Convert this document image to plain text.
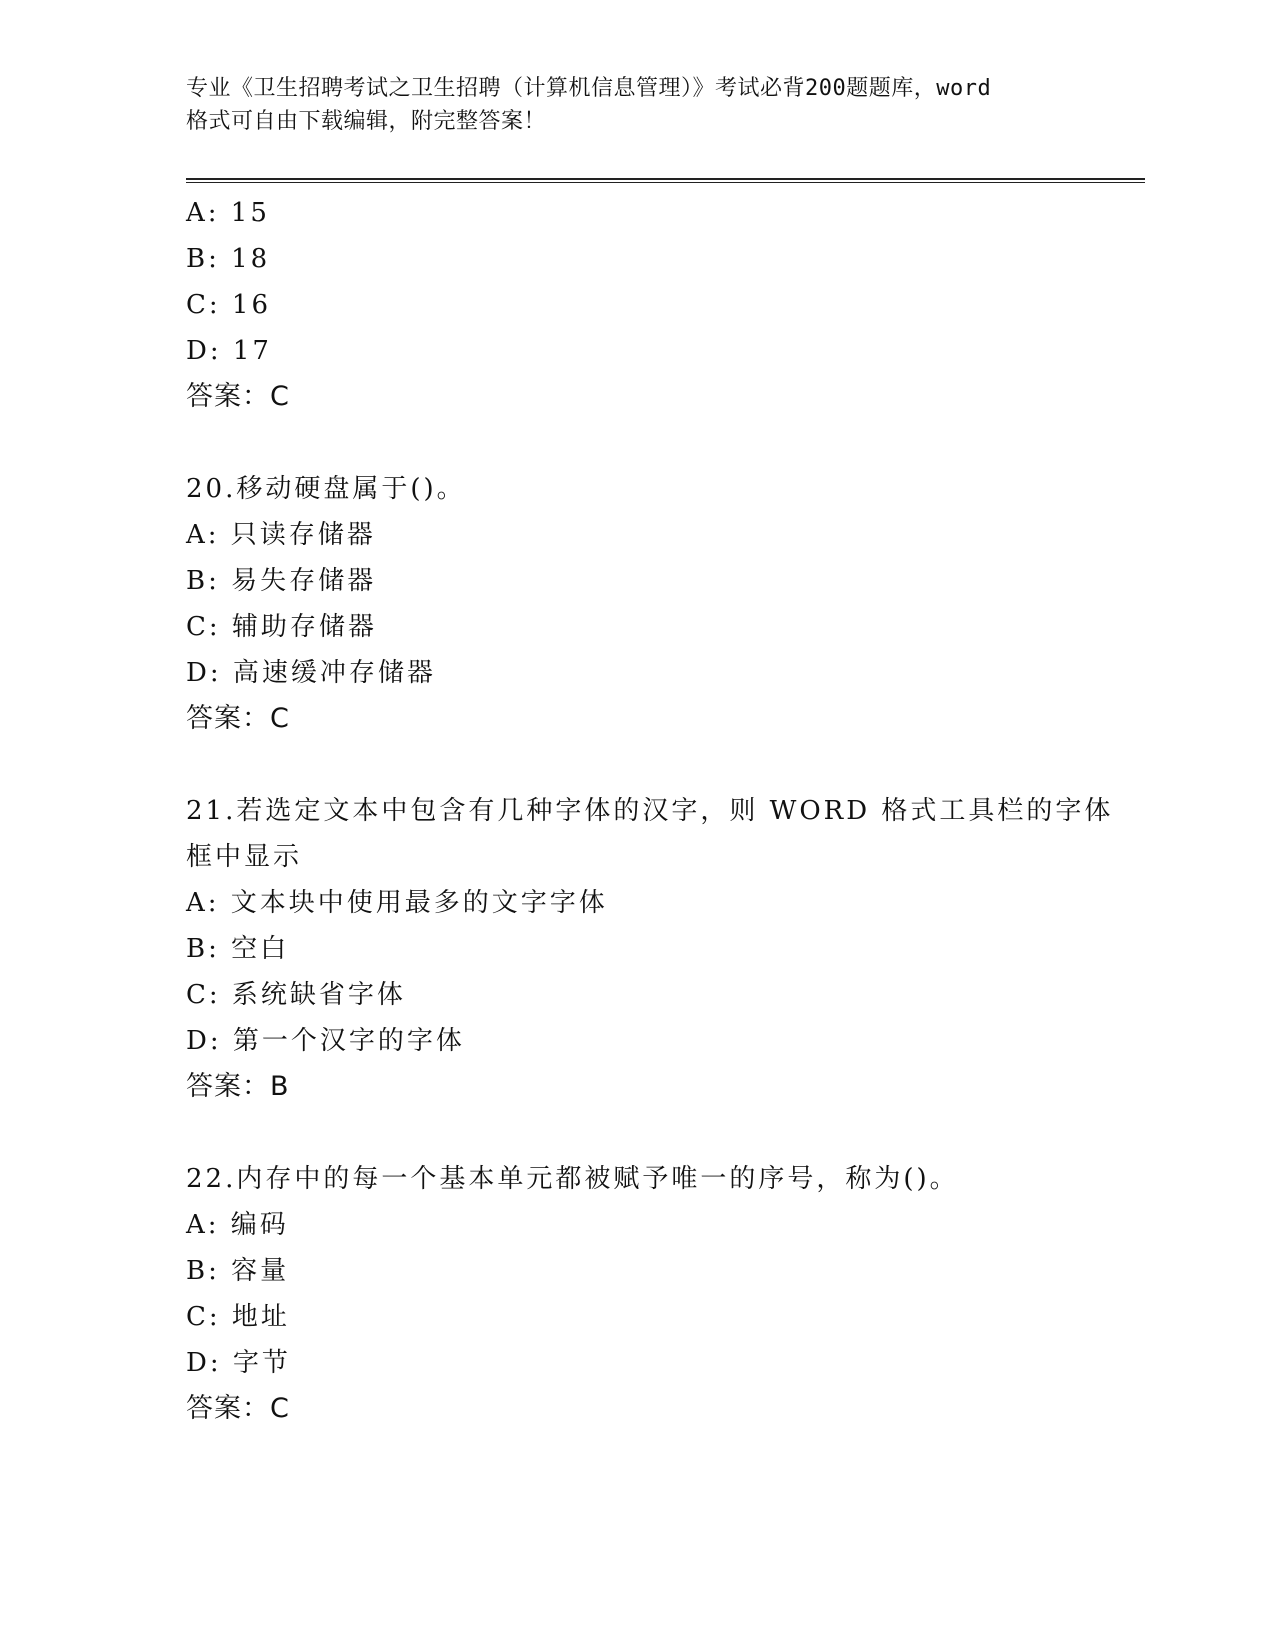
专业《卫生招聘考试之卫生招聘（计算机信息管理）》考试必背200题题库，word
格式可自由下载编辑，附完整答案！
A: 15
B: 18
C: 16
D: 17
答案：C
20.移动硬盘属于()。
A: 只读存储器
B: 易失存储器
C: 辅助存储器
D: 高速缓冲存储器
答案：C
21.若选定文本中包含有几种字体的汉字，则 WORD 格式工具栏的字体
框中显示
A: 文本块中使用最多的文字字体
B: 空白
C: 系统缺省字体
D: 第一个汉字的字体
答案：B
22.内存中的每一个基本单元都被赋予唯一的序号，称为()。
A: 编码
B: 容量
C: 地址
D: 字节
答案：C
